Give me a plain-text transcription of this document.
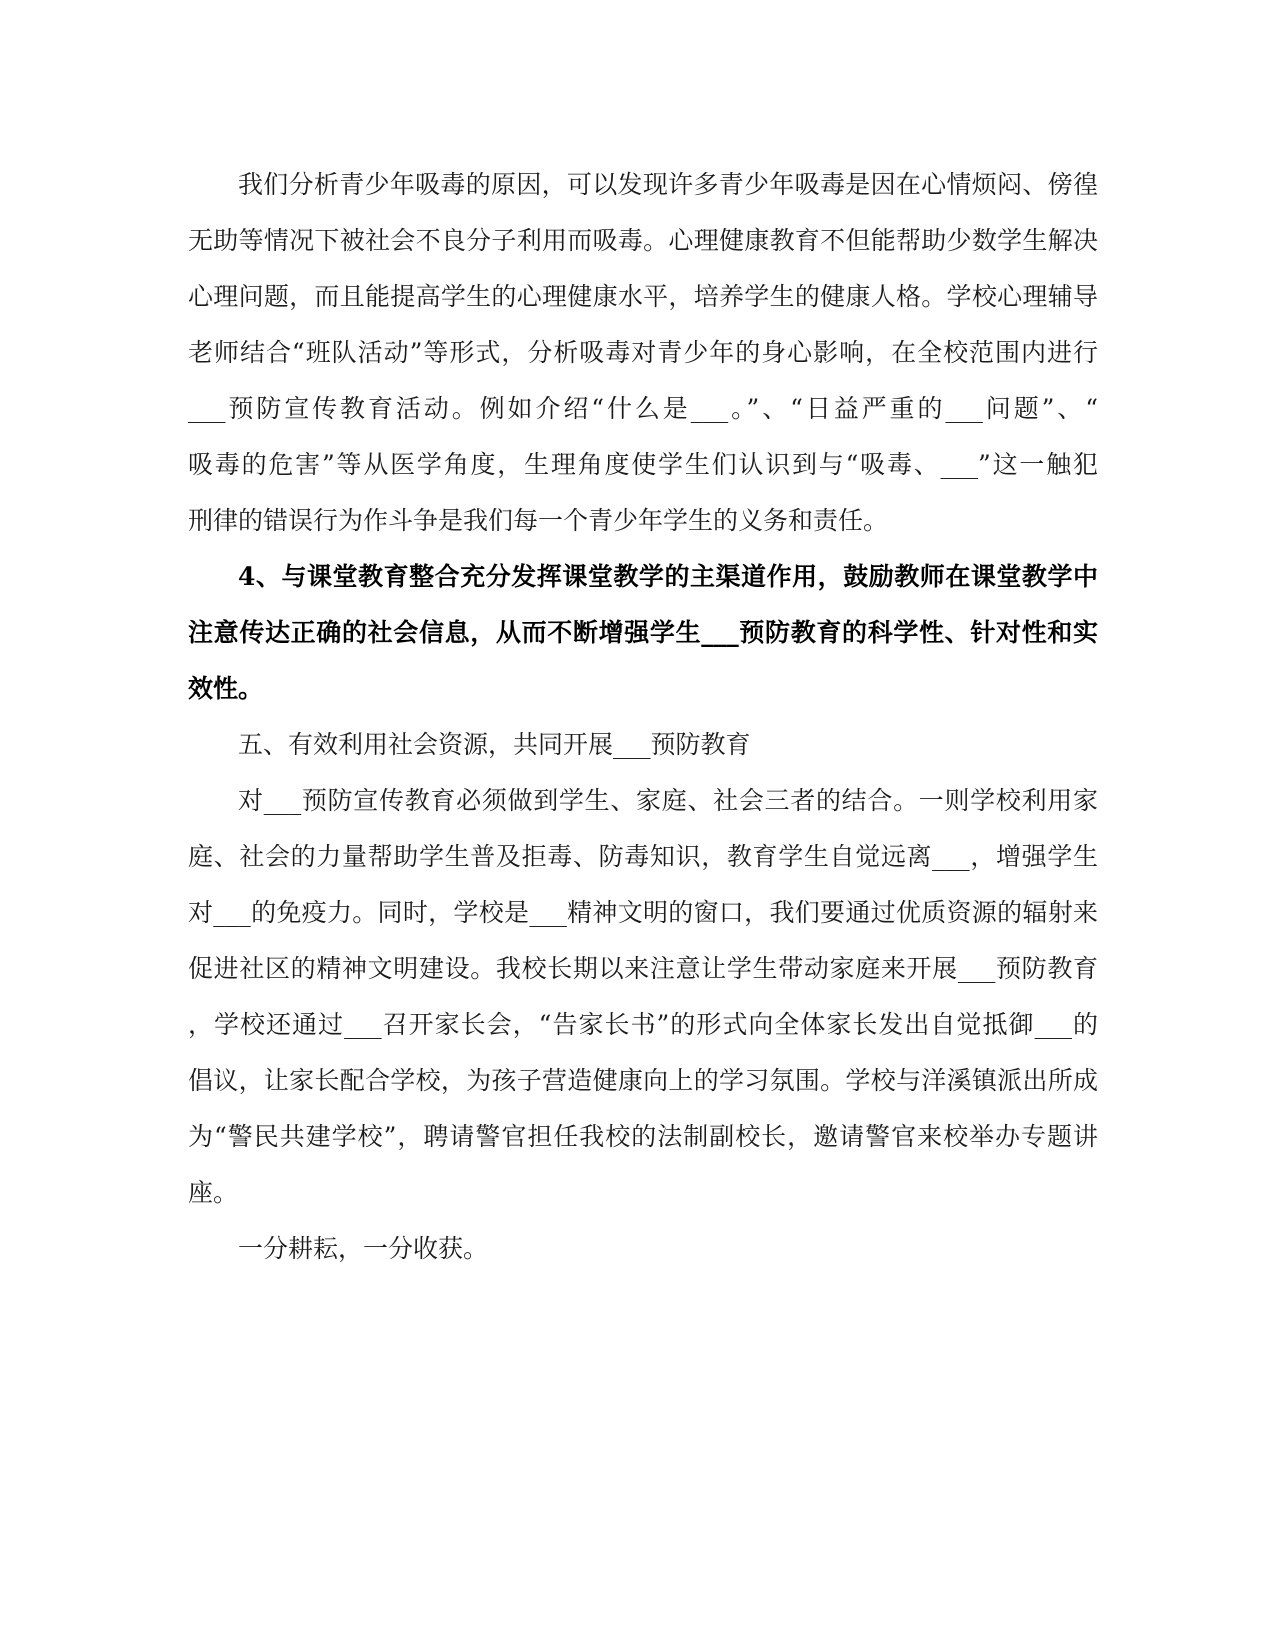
我们分析青少年吸毒的原因，可以发现许多青少年吸毒是因在心情烦闷、傍徨
无助等情况下被社会不良分子利用而吸毒。心理健康教育不但能帮助少数学生解决
心理问题，而且能提高学生的心理健康水平，培养学生的健康人格。学校心理辅导
老师结合“班队活动”等形式，分析吸毒对青少年的身心影响，在全校范围内进行
___预防宣传教育活动。例如介绍“什么是___。”、“日益严重的___问题”、“
吸毒的危害”等从医学角度，生理角度使学生们认识到与“吸毒、___”这一触犯
刑律的错误行为作斗争是我们每一个青少年学生的义务和责任。
4、与课堂教育整合充分发挥课堂教学的主渠道作用，鼓励教师在课堂教学中
注意传达正确的社会信息，从而不断增强学生___预防教育的科学性、针对性和实
效性。
五、有效利用社会资源，共同开展___预防教育
对___预防宣传教育必须做到学生、家庭、社会三者的结合。一则学校利用家
庭、社会的力量帮助学生普及拒毒、防毒知识，教育学生自觉远离___，增强学生
对___的免疫力。同时，学校是___精神文明的窗口，我们要通过优质资源的辐射来
促进社区的精神文明建设。我校长期以来注意让学生带动家庭来开展___预防教育
，学校还通过___召开家长会，“告家长书”的形式向全体家长发出自觉抵御___的
倡议，让家长配合学校，为孩子营造健康向上的学习氛围。学校与洋溪镇派出所成
为“警民共建学校”，聘请警官担任我校的法制副校长，邀请警官来校举办专题讲
座。
一分耕耘，一分收获。
